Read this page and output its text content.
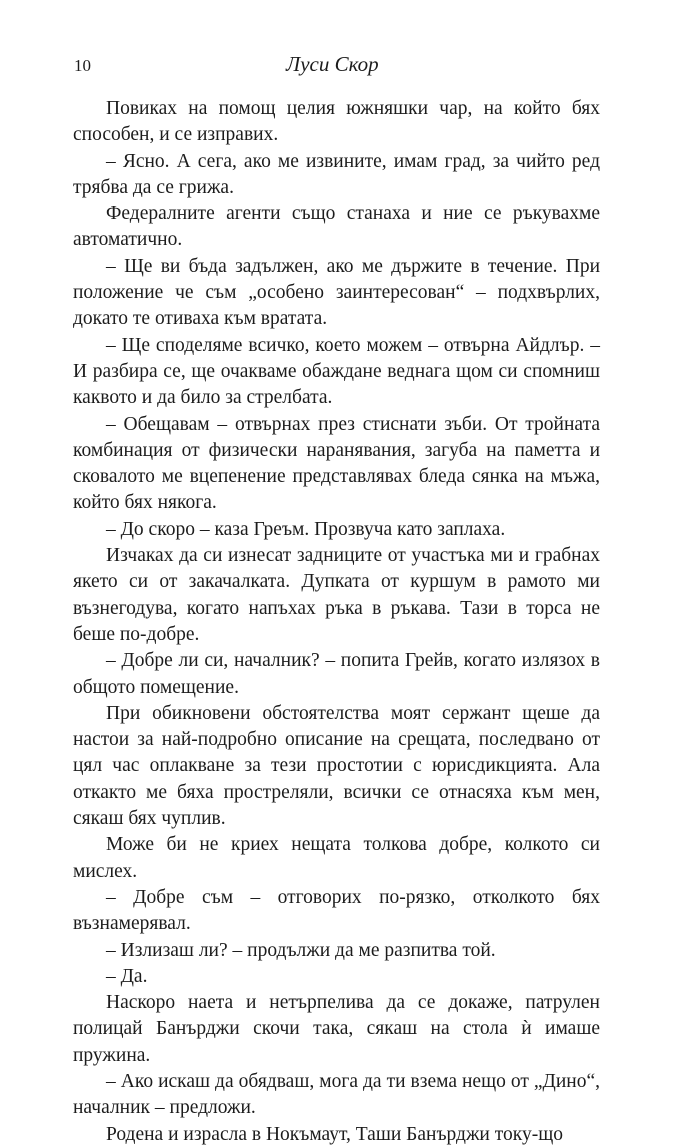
10	Луси Скор

Повиках на помощ целия южняшки чар, на който бях способен, и се изправих.

– Ясно. А сега, ако ме извините, имам град, за чийто ред трябва да се грижа.

Федералните агенти също станаха и ние се ръкувахме автоматично.

– Ще ви бъда задължен, ако ме държите в течение. При положение че съм „особено заинтересован“ – подхвърлих, докато те отиваха към вратата.

– Ще споделяме всичко, което можем – отвърна Айдлър. – И разбира се, ще очакваме обаждане веднага щом си спомниш каквото и да било за стрелбата.

– Обещавам – отвърнах през стиснати зъби. От тройната комбинация от физически наранявания, загуба на паметта и сковалото ме вцепенение представлявах бледа сянка на мъжа, който бях някога.

– До скоро – каза Греъм. Прозвуча като заплаха.

Изчаках да си изнесат задниците от участъка ми и грабнах якето си от закачалката. Дупката от куршум в рамото ми възнегодува, когато напъхах ръка в ръкава. Тази в торса не беше по-добре.

– Добре ли си, началник? – попита Грейв, когато излязох в общото помещение.

При обикновени обстоятелства моят сержант щеше да настои за най-подробно описание на срещата, последвано от цял час оплакване за тези простотии с юрисдикцията. Ала откакто ме бяха простреляли, всички се отнасяха към мен, сякаш бях чуплив.

Може би не криех нещата толкова добре, колкото си мислех.

– Добре съм – отговорих по-рязко, отколкото бях възнамерявал.

– Излизаш ли? – продължи да ме разпитва той.

– Да.

Наскоро наета и нетърпелива да се докаже, патрулен полицай Банърджи скочи така, сякаш на стола ѝ имаше пружина.

– Ако искаш да обядваш, мога да ти взема нещо от „Дино“, началник – предложи.

Родена и израсла в Нокъмаут, Таши Банърджи току-що
